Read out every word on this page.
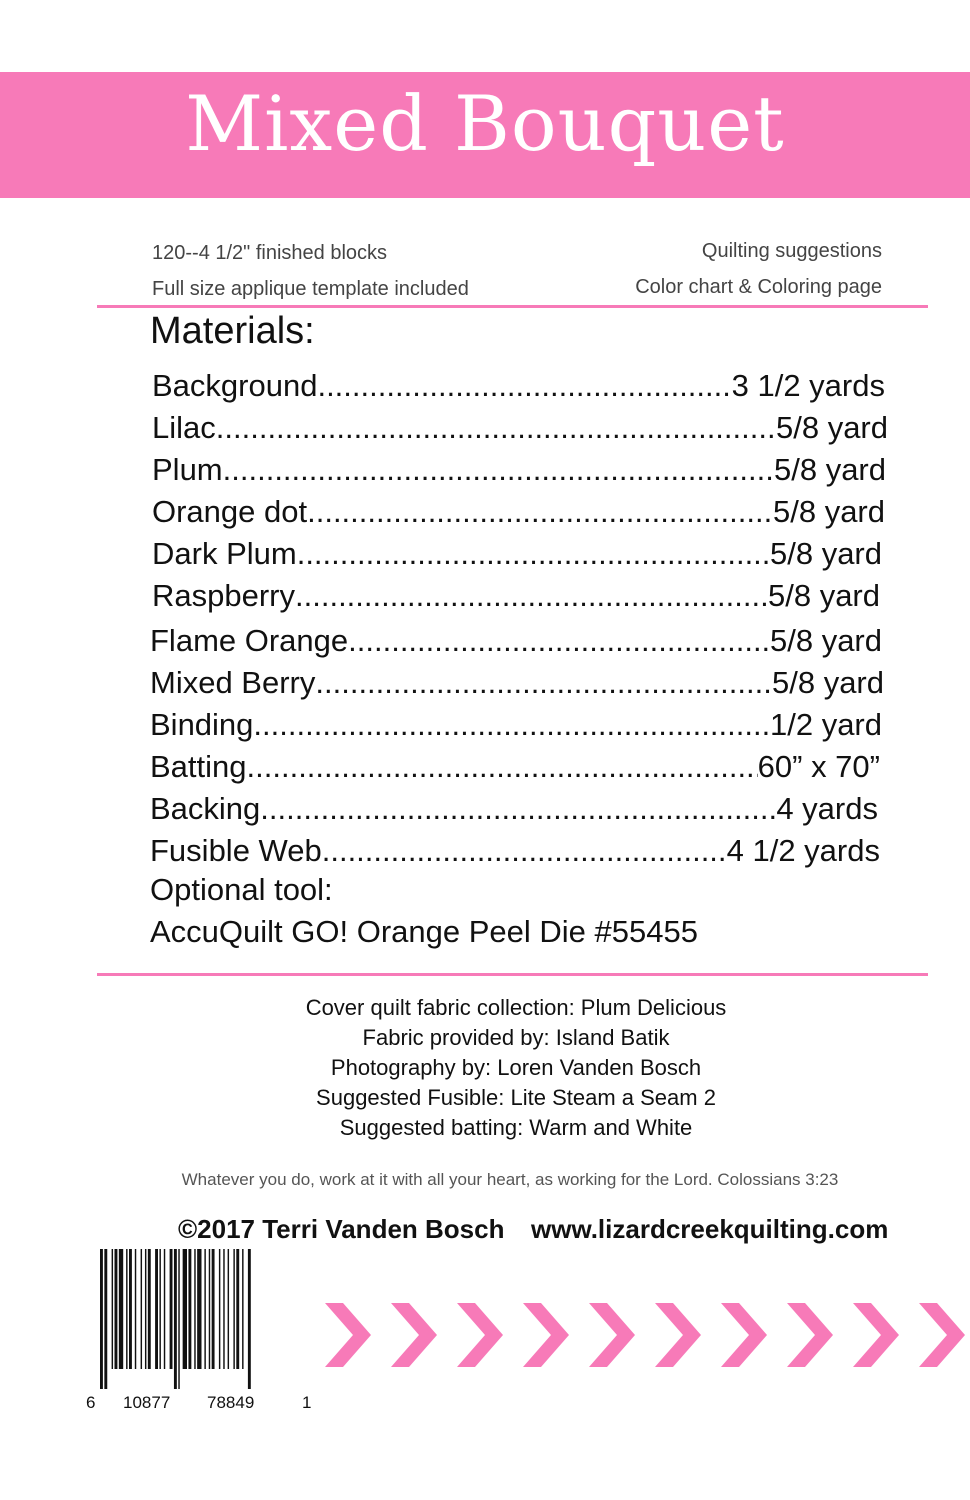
Mixed Bouquet
120--4 1/2" finished blocks
Full size applique template included
Quilting suggestions
Color chart & Coloring page
Materials:
Background .....	3 1/2 yards
Lilac .....	5/8 yard
Plum .....	5/8 yard
Orange dot .....	5/8 yard
Dark Plum .....	5/8 yard
Raspberry .....	5/8 yard
Flame Orange .....	5/8 yard
Mixed Berry .....	5/8 yard
Binding .....	1/2 yard
Batting .....	60” x 70”
Backing .....	4 yards
Fusible Web .....	4 1/2 yards
Optional tool:
AccuQuilt GO! Orange Peel Die #55455
Cover quilt fabric collection: Plum Delicious
Fabric provided by: Island Batik
Photography by: Loren Vanden Bosch
Suggested Fusible: Lite Steam a Seam 2
Suggested batting: Warm and White
Whatever you do, work at it with all your heart, as working for the Lord. Colossians 3:23
©2017 Terri Vanden Bosch www.lizardcreekquilting.com
6 10877 78849	1
